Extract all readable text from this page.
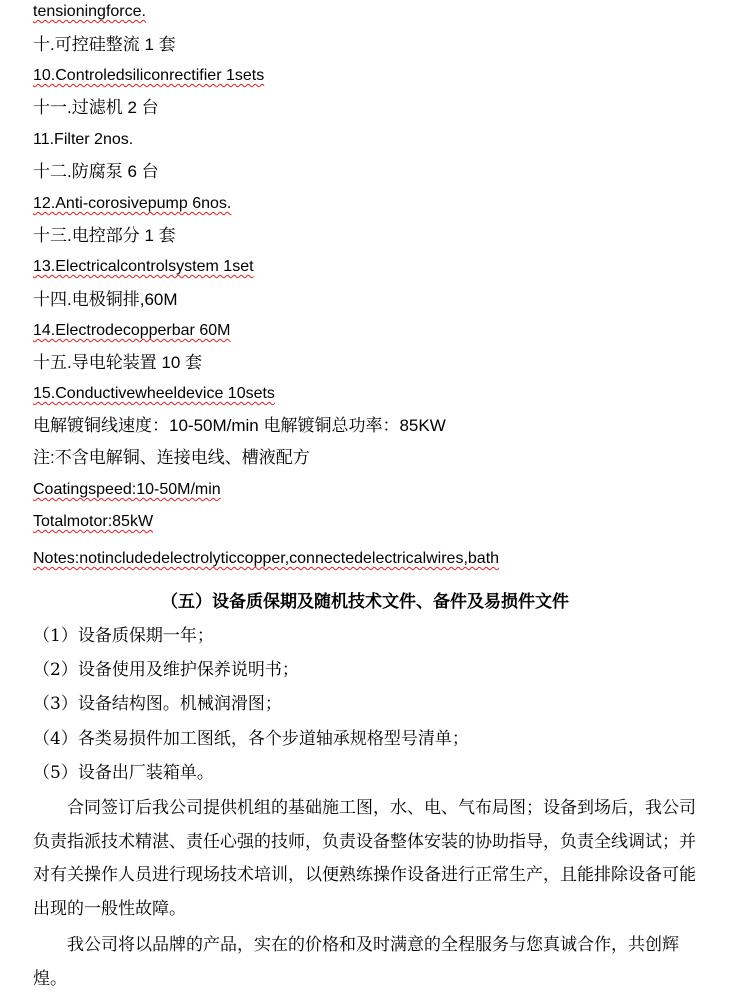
tensioningforce.
十.可控硅整流 1 套
10.Controledsiliconrectifier 1sets
十一.过滤机 2 台
11.Filter 2nos.
十二.防腐泵 6 台
12.Anti-corosivepump 6nos.
十三.电控部分 1 套
13.Electricalcontrolsystem 1set
十四.电极铜排,60M
14.Electrodecopperbar 60M
十五.导电轮装置 10 套
15.Conductivewheeldevice 10sets
电解镀铜线速度：10-50M/min 电解镀铜总功率：85KW
注:不含电解铜、连接电线、槽液配方
Coatingspeed:10-50M/min
Totalmotor:85kW
Notes:notincludedelectrolyticcopper,connectedelectricalwires,bath
（五）设备质保期及随机技术文件、备件及易损件文件
（1）设备质保期一年；
（2）设备使用及维护保养说明书；
（3）设备结构图。机械润滑图；
（4）各类易损件加工图纸，各个步道轴承规格型号清单；
（5）设备出厂装箱单。
合同签订后我公司提供机组的基础施工图，水、电、气布局图；设备到场后，我公司负责指派技术精湛、责任心强的技师，负责设备整体安装的协助指导，负责全线调试；并对有关操作人员进行现场技术培训，以便熟练操作设备进行正常生产，且能排除设备可能出现的一般性故障。
我公司将以品牌的产品，实在的价格和及时满意的全程服务与您真诚合作，共创辉煌。
